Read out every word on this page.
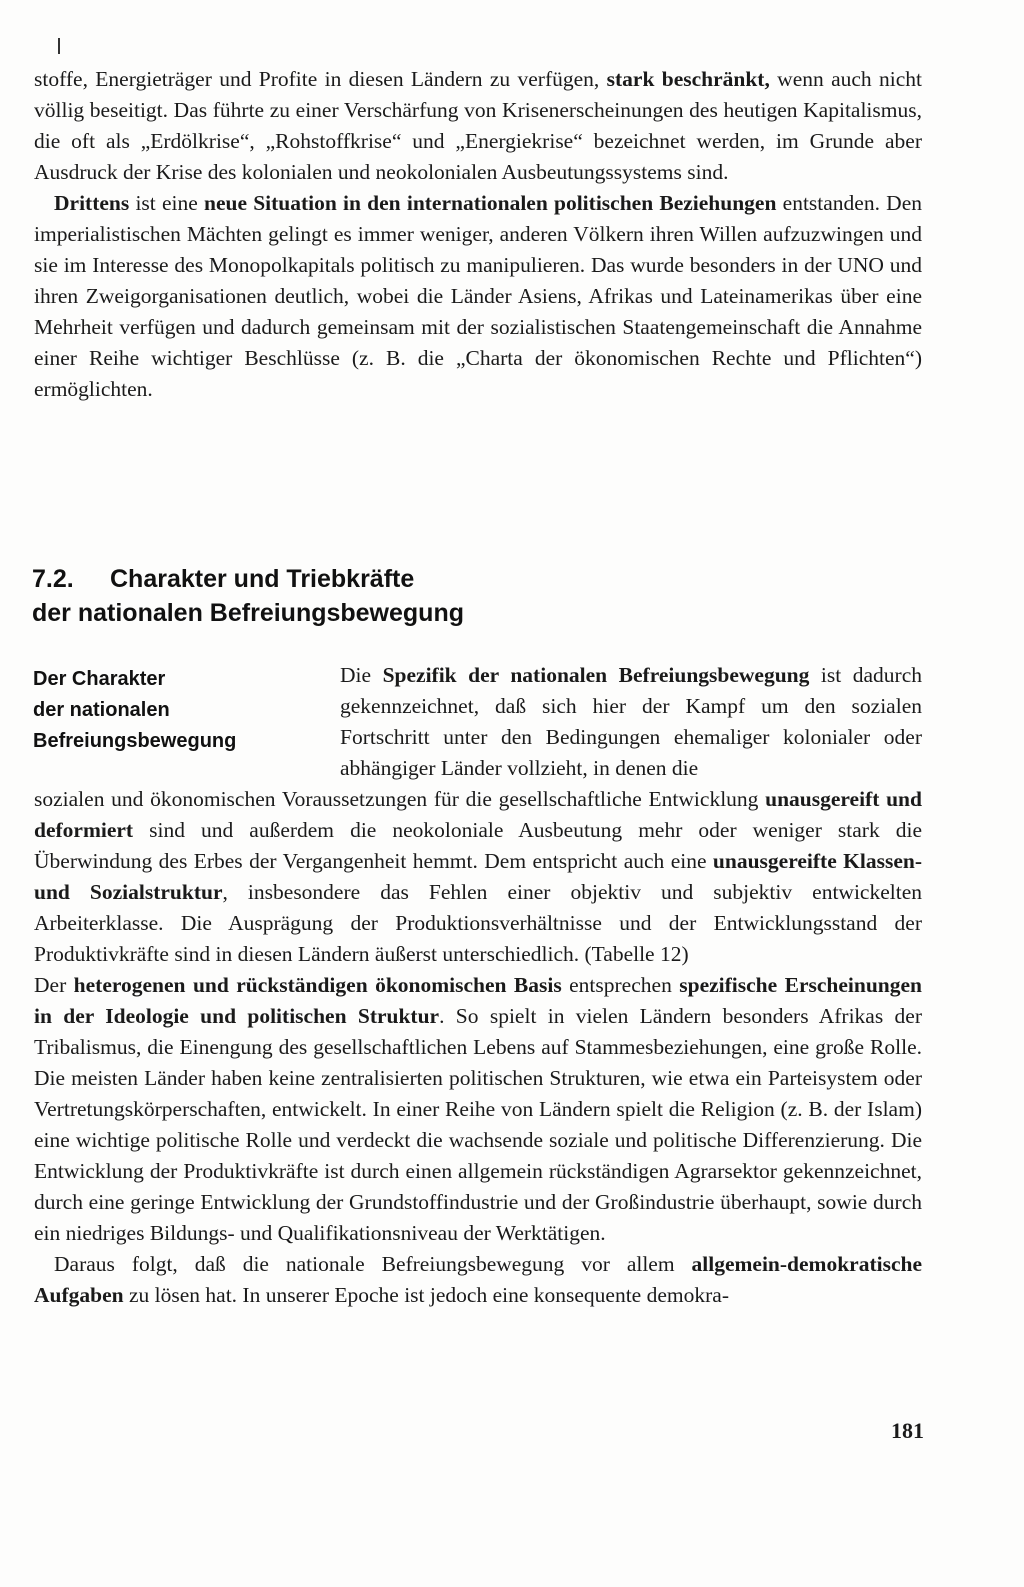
stoffe, Energieträger und Profite in diesen Ländern zu verfügen, stark beschränkt, wenn auch nicht völlig beseitigt. Das führte zu einer Verschärfung von Krisenerscheinungen des heutigen Kapitalismus, die oft als „Erdölkrise“, „Rohstoffkrise“ und „Energiekrise“ bezeichnet werden, im Grunde aber Ausdruck der Krise des kolonialen und neokolonialen Ausbeutungssystems sind.

Drittens ist eine neue Situation in den internationalen politischen Beziehungen entstanden. Den imperialistischen Mächten gelingt es immer weniger, anderen Völkern ihren Willen aufzuzwingen und sie im Interesse des Monopolkapitals politisch zu manipulieren. Das wurde besonders in der UNO und ihren Zweigorganisationen deutlich, wobei die Länder Asiens, Afrikas und Lateinamerikas über eine Mehrheit verfügen und dadurch gemeinsam mit der sozialistischen Staatengemeinschaft die Annahme einer Reihe wichtiger Beschlüsse (z. B. die „Charta der ökonomischen Rechte und Pflichten“) ermöglichten.

7.2. Charakter und Triebkräfte
der nationalen Befreiungsbewegung
Der Charakter
der nationalen
Befreiungsbewegung

Die Spezifik der nationalen Befreiungsbewegung ist dadurch gekennzeichnet, daß sich hier der Kampf um den sozialen Fortschritt unter den Bedingungen ehemaliger kolonialer oder abhängiger Länder vollzieht, in denen die

sozialen und ökonomischen Voraussetzungen für die gesellschaftliche Entwicklung unausgereift und deformiert sind und außerdem die neokoloniale Ausbeutung mehr oder weniger stark die Überwindung des Erbes der Vergangenheit hemmt. Dem entspricht auch eine unausgereifte Klassen- und Sozialstruktur, insbesondere das Fehlen einer objektiv und subjektiv entwickelten Arbeiterklasse. Die Ausprägung der Produktionsverhältnisse und der Entwicklungsstand der Produktivkräfte sind in diesen Ländern äußerst unterschiedlich. (Tabelle 12)

Der heterogenen und rückständigen ökonomischen Basis entsprechen spezifische Erscheinungen in der Ideologie und politischen Struktur. So spielt in vielen Ländern besonders Afrikas der Tribalismus, die Einengung des gesellschaftlichen Lebens auf Stammesbeziehungen, eine große Rolle. Die meisten Länder haben keine zentralisierten politischen Strukturen, wie etwa ein Parteisystem oder Vertretungskörperschaften, entwickelt. In einer Reihe von Ländern spielt die Religion (z. B. der Islam) eine wichtige politische Rolle und verdeckt die wachsende soziale und politische Differenzierung. Die Entwicklung der Produktivkräfte ist durch einen allgemein rückständigen Agrarsektor gekennzeichnet, durch eine geringe Entwicklung der Grundstoffindustrie und der Großindustrie überhaupt, sowie durch ein niedriges Bildungs- und Qualifikationsniveau der Werktätigen.

Daraus folgt, daß die nationale Befreiungsbewegung vor allem allgemein-demokratische Aufgaben zu lösen hat. In unserer Epoche ist jedoch eine konsequente demokra-

181
